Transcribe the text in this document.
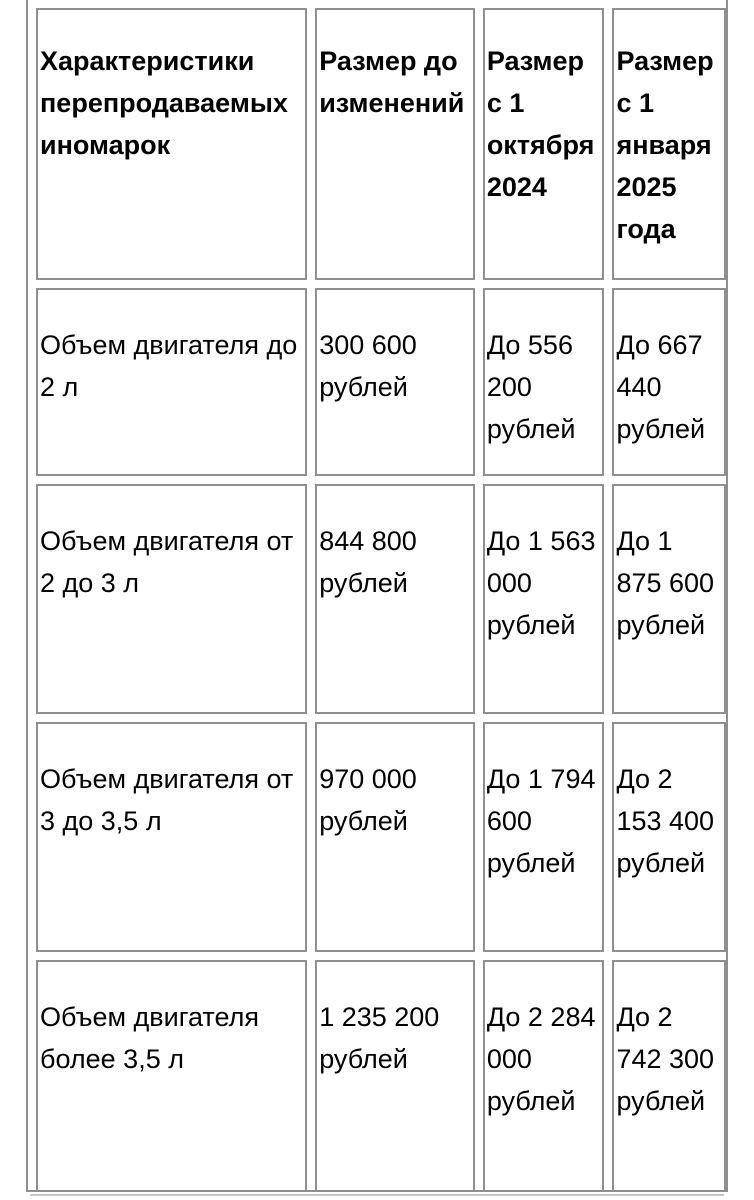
Характеристики перепродаваемых иномарок	Размер до изменений	Размер с 1 октября 2024	Размер с 1 января 2025 года
Объем двигателя до 2 л	300 600 рублей	До 556 200 рублей	До 667 440 рублей
Объем двигателя от 2 до 3 л	844 800 рублей	До 1 563 000 рублей	До 1 875 600 рублей
Объем двигателя от 3 до 3,5 л	970 000 рублей	До 1 794 600 рублей	До 2 153 400 рублей
Объем двигателя более 3,5 л	1 235 200 рублей	До 2 284 000 рублей	До 2 742 300 рублей
